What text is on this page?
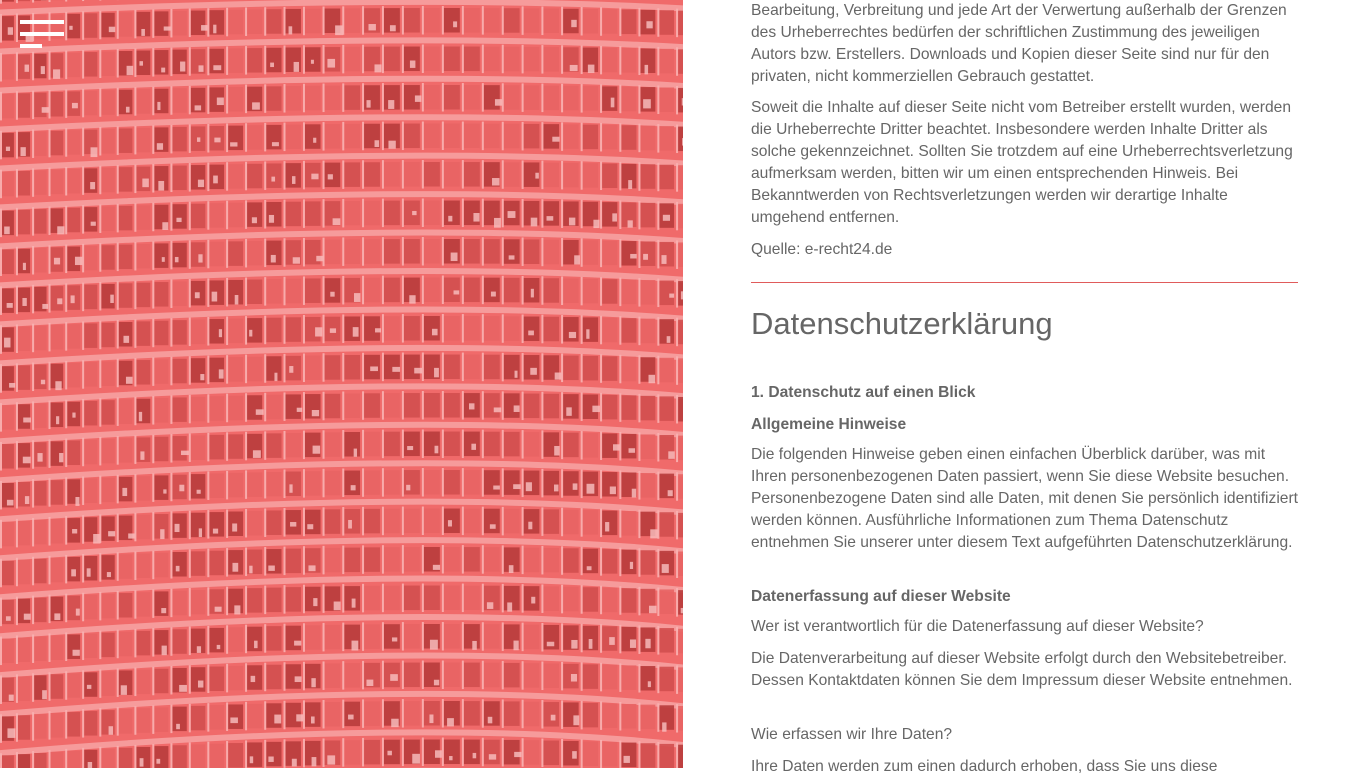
Bearbeitung, Verbreitung und jede Art der Verwertung außerhalb der Grenzen des Urheberrechtes bedürfen der schriftlichen Zustimmung des jeweiligen Autors bzw. Erstellers. Downloads und Kopien dieser Seite sind nur für den privaten, nicht kommerziellen Gebrauch gestattet.

Soweit die Inhalte auf dieser Seite nicht vom Betreiber erstellt wurden, werden die Urheberrechte Dritter beachtet. Insbesondere werden Inhalte Dritter als solche gekennzeichnet. Sollten Sie trotzdem auf eine Urheberrechtsverletzung aufmerksam werden, bitten wir um einen entsprechenden Hinweis. Bei Bekanntwerden von Rechtsverletzungen werden wir derartige Inhalte umgehend entfernen.

Quelle: e-recht24.de

Datenschutzerklärung
1. Datenschutz auf einen Blick
Allgemeine Hinweise

Die folgenden Hinweise geben einen einfachen Überblick darüber, was mit Ihren personenbezogenen Daten passiert, wenn Sie diese Website besuchen. Personenbezogene Daten sind alle Daten, mit denen Sie persönlich identifiziert werden können. Ausführliche Informationen zum Thema Datenschutz entnehmen Sie unserer unter diesem Text aufgeführten Datenschutzerklärung.

Datenerfassung auf dieser Website

Wer ist verantwortlich für die Datenerfassung auf dieser Website?

Die Datenverarbeitung auf dieser Website erfolgt durch den Websitebetreiber. Dessen Kontaktdaten können Sie dem Impressum dieser Website entnehmen.

Wie erfassen wir Ihre Daten?

Ihre Daten werden zum einen dadurch erhoben, dass Sie uns diese
